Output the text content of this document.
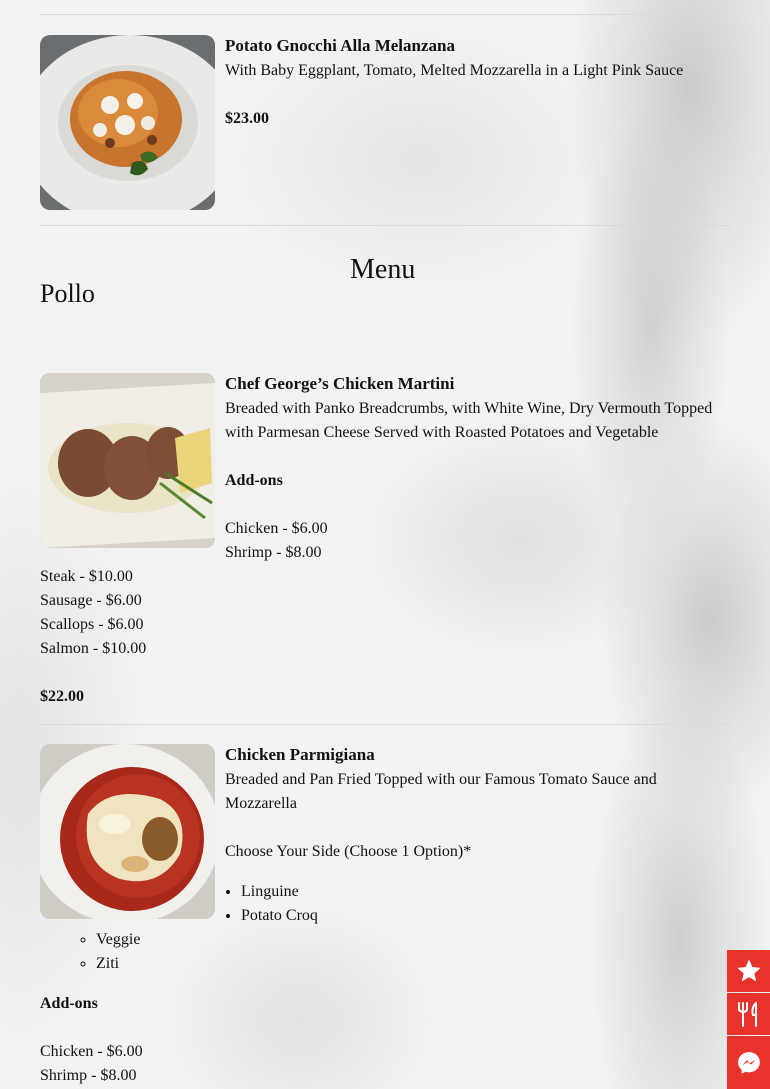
Potato Gnocchi Alla Melanzana
With Baby Eggplant, Tomato, Melted Mozzarella in a Light Pink Sauce
$23.00
Menu
Pollo
Chef George’s Chicken Martini
Breaded with Panko Breadcrumbs, with White Wine, Dry Vermouth Topped with Parmesan Cheese Served with Roasted Potatoes and Vegetable
Add-ons
Chicken - $6.00
Shrimp - $8.00
Steak - $10.00
Sausage - $6.00
Scallops - $6.00
Salmon - $10.00
$22.00
Chicken Parmigiana
Breaded and Pan Fried Topped with our Famous Tomato Sauce and Mozzarella
Choose Your Side (Choose 1 Option)*
• Linguine
• Potato Croq
◦ Veggie
◦ Ziti
Add-ons
Chicken - $6.00
Shrimp - $8.00
